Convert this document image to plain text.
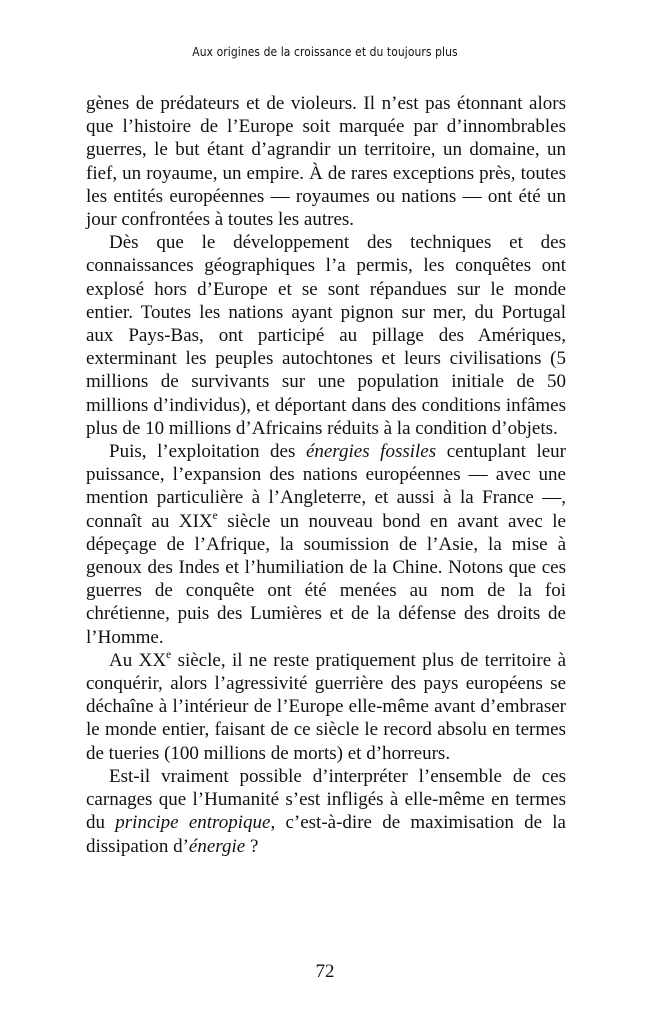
Aux origines de la croissance et du toujours plus

gènes de prédateurs et de violeurs. Il n’est pas étonnant alors que l’histoire de l’Europe soit marquée par d’innombrables guerres, le but étant d’agrandir un territoire, un domaine, un fief, un royaume, un empire. À de rares exceptions près, toutes les entités européennes — royaumes ou nations — ont été un jour confrontées à toutes les autres.

Dès que le développement des techniques et des connaissances géographiques l’a permis, les conquêtes ont explosé hors d’Europe et se sont répandues sur le monde entier. Toutes les nations ayant pignon sur mer, du Portugal aux Pays-Bas, ont participé au pillage des Amériques, exterminant les peuples autochtones et leurs civilisations (5 millions de survivants sur une population initiale de 50 millions d’individus), et déportant dans des conditions infâmes plus de 10 millions d’Africains réduits à la condition d’objets.

Puis, l’exploitation des énergies fossiles centuplant leur puissance, l’expansion des nations européennes — avec une mention particulière à l’Angleterre, et aussi à la France —, connaît au XIXe siècle un nouveau bond en avant avec le dépeçage de l’Afrique, la soumission de l’Asie, la mise à genoux des Indes et l’humiliation de la Chine. Notons que ces guerres de conquête ont été menées au nom de la foi chrétienne, puis des Lumières et de la défense des droits de l’Homme.

Au XXe siècle, il ne reste pratiquement plus de territoire à conquérir, alors l’agressivité guerrière des pays européens se déchaîne à l’intérieur de l’Europe elle-même avant d’embraser le monde entier, faisant de ce siècle le record absolu en termes de tueries (100 millions de morts) et d’horreurs.

Est-il vraiment possible d’interpréter l’ensemble de ces carnages que l’Humanité s’est infligés à elle-même en termes du principe entropique, c’est-à-dire de maximisation de la dissipation d’énergie ?

72
